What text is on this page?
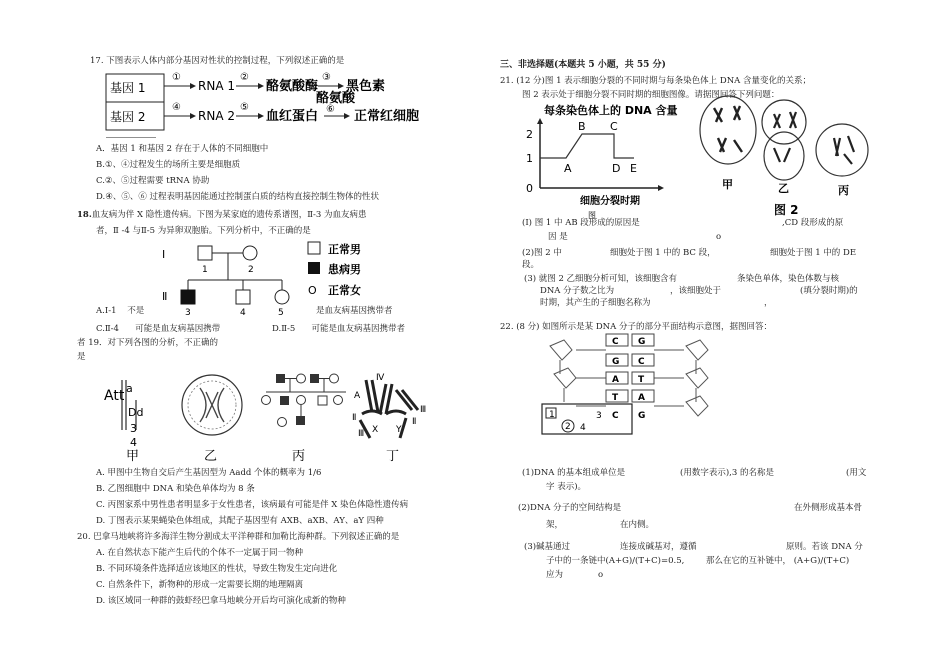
17. 下图表示人体内部分基因对性状的控制过程，下列叙述正确的是
基因 1
基因 2
①
RNA 1
②
酪氨酸酶
③
黑色素
④
RNA 2
⑤
血红蛋白
酪氨酸
⑥ 正常红细胞
A．基因 1 和基因 2 存在于人体的不同细胞中
B.①、④过程发生的场所主要是细胞质
C.②、⑤过程需要 tRNA 协助
D.④、⑤、⑥ 过程表明基因能通过控制蛋白质的结构直接控制生物体的性状
18.血友病为伴 X 隐性遗传病。下图为某家庭的遗传系谱图，Ⅱ-3 为血友病患
者，Ⅱ -4 与Ⅱ-5 为异卵双胞胎。下列分析中，不正确的是
I
Ⅱ
1	2
3	4	5
正常男
患病男
O 正常女
A.I-1 不是	是血友病基因携带者
C.Ⅱ-4 可能是血友病基因携带	D.Ⅱ-5 可能是血友病基因携带者
者 19．对下列各图的分析，不正确的
是
Att a
Dd
3
4
Ⅳ
A
Ⅱ
Ⅲ X Y
Ⅲ
Ⅱ
甲	乙	丙	丁
A. 甲图中生物自交后产生基因型为 Aadd 个体的概率为 1/6
B. 乙图细胞中 DNA 和染色单体均为 8 条
C. 丙图家系中男性患者明显多于女性患者，该病最有可能是伴 X 染色体隐性遗传病
D. 丁图表示某果蝇染色体组成，其配子基因型有 AXB、aXB、AY、aY 四种
20. 巴拿马地峡将许多海洋生物分割成太平洋种群和加勒比海种群。下列叙述正确的是
A. 在自然状态下能产生后代的个体不一定属于同一物种
B. 不同环境条件选择适应该地区的性状，导致生物发生定向进化
C. 自然条件下，新物种的形成一定需要长期的地理隔离
D. 该区域同一种群的鼓虾经巴拿马地峡分开后均可演化成新的物种
三、非选择题(本题共 5 小题，共 55 分)
21. (12 分)图 1 表示细胞分裂的不同时期与每条染色体上 DNA 含量变化的关系；
图 2 表示处于细胞分裂不同时期的细胞图像。请据图回答下列问题：
每条染色体上的 DNA 含量
2
1
0
A
B C
D E
细胞分裂时期
图
甲	乙	丙
图 2
(Ⅰ) 图 1 中 AB 段形成的原因是	,CD 段形成的原
因 是	o
(2)图 2 中	细胞处于图 1 中的 BC 段，	细胞处于图 1 中的 DE
段。
(3) 就图 2 乙细胞分析可知，该细胞含有	条染色单体，染色体数与核
DNA 分子数之比为	，该细胞处于	(填分裂时期)的
时期，其产生的子细胞名称为	，
22. (8 分) 如图所示是某 DNA 分子的部分平面结构示意图，据图回答：
C G
G C
A T
T A
C G
1
2
3
4
(1)DNA 的基本组成单位是	(用数字表示),3 的名称是	(用文
字 表示)。
(2)DNA 分子的空间结构是	在外侧形成基本骨
架，	在内侧。
(3)碱基通过	连接成碱基对，遵循	原则。若该 DNA 分
子中的一条链中(A+G)/(T+C)=0.5,	那么在它的互补链中， (A+G)/(T+C)
应为	o
